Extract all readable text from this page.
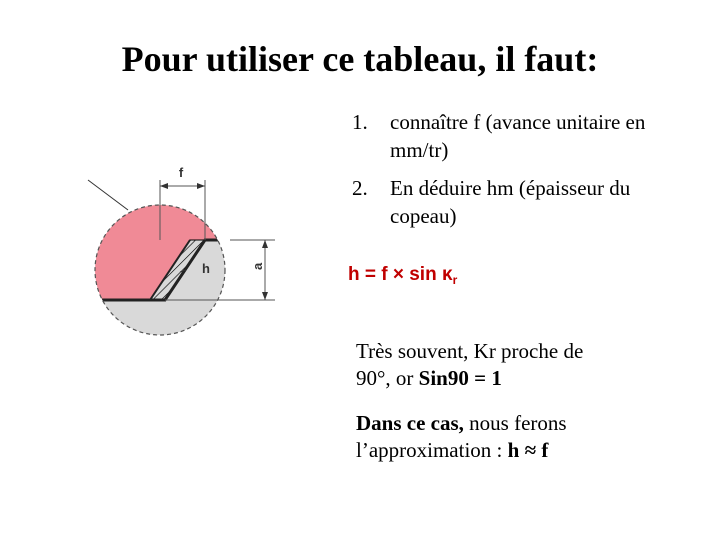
Pour utiliser ce tableau, il faut:
f
h	a
1. connaître f (avance unitaire en mm/tr)
2. En déduire hm (épaisseur du copeau)
$h = f \times \sin \kappa_r$
Très souvent, Kr proche de
90°, or Sin90 = 1
Dans ce cas, nous ferons
l’approximation : h ≈ f
